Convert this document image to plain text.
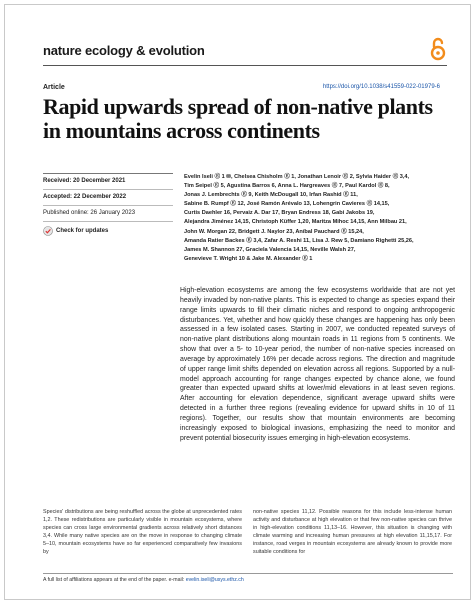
nature ecology & evolution
Article	https://doi.org/10.1038/s41559-022-01979-6
Rapid upwards spread of non-native plants in mountains across continents
Received: 20 December 2021
Accepted: 22 December 2022
Published online: 26 January 2023
Check for updates

Evelin Iseli Ⓔ 1 ✉, Chelsea Chisholm Ⓔ 1, Jonathan Lenoir Ⓔ 2, Sylvia Haider Ⓔ 3,4,

Tim Seipel Ⓔ 5, Agustina Barros 6, Anna L. Hargreaves Ⓔ 7, Paul Kardol Ⓔ 8,

Jonas J. Lembrechts Ⓔ 9, Keith McDougall 10, Irfan Rashid Ⓔ 11,

Sabine B. Rumpf Ⓔ 12, José Ramón Arévalo 13, Lohengrin Cavieres Ⓔ 14,15,

Curtis Daehler 16, Pervaiz A. Dar 17, Bryan Endress 18, Gabi Jakobs 19,

Alejandra Jiménez 14,15, Christoph Küffer 1,20, Maritza Mihoc 14,15, Ann Milbau 21,

John W. Morgan 22, Bridgett J. Naylor 23, Aníbal Pauchard Ⓔ 15,24,

Amanda Ratier Backes Ⓔ 3,4, Zafar A. Reshi 11, Lisa J. Rew 5, Damiano Righetti 25,26,

James M. Shannon 27, Graciela Valencia 14,15, Neville Walsh 27,

Genevieve T. Wright 10 & Jake M. Alexander Ⓔ 1

High-elevation ecosystems are among the few ecosystems worldwide that are not yet heavily invaded by non-native plants. This is expected to change as species expand their range limits upwards to fill their climatic niches and respond to ongoing anthropogenic disturbances. Yet, whether and how quickly these changes are happening has only been assessed in a few isolated cases. Starting in 2007, we conducted repeated surveys of non-native plant distributions along mountain roads in 11 regions from 5 continents. We show that over a 5- to 10-year period, the number of non-native species increased on average by approximately 16% per decade across regions. The direction and magnitude of upper range limit shifts depended on elevation across all regions. Supported by a null-model approach accounting for range changes expected by chance alone, we found greater than expected upward shifts at lower/mid elevations in at least seven regions. After accounting for elevation dependence, significant average upward shifts were detected in a further three regions (revealing evidence for upward shifts in 10 of 11 regions). Together, our results show that mountain environments are becoming increasingly exposed to biological invasions, emphasizing the need to monitor and prevent potential biosecurity issues emerging in high-elevation ecosystems.

Species' distributions are being reshuffled across the globe at unprecedented rates 1,2. These redistributions are particularly visible in mountain ecosystems, where species can cross large environmental gradients across relatively short distances 3,4. While many native species are on the move in response to changing climate 5–10, mountain ecosystems have so far experienced comparatively few invasions by

non-native species 11,12. Possible reasons for this include less-intense human activity and disturbance at high elevation or that few non-native species can thrive in high-elevation conditions 11,13–16. However, this situation is changing with climate warming and increasing human pressures at high elevation 11,15,17. For instance, road verges in mountain ecosystems are already known to provide more suitable conditions for

A full list of affiliations appears at the end of the paper. e-mail: evelin.iseli@usys.ethz.ch
